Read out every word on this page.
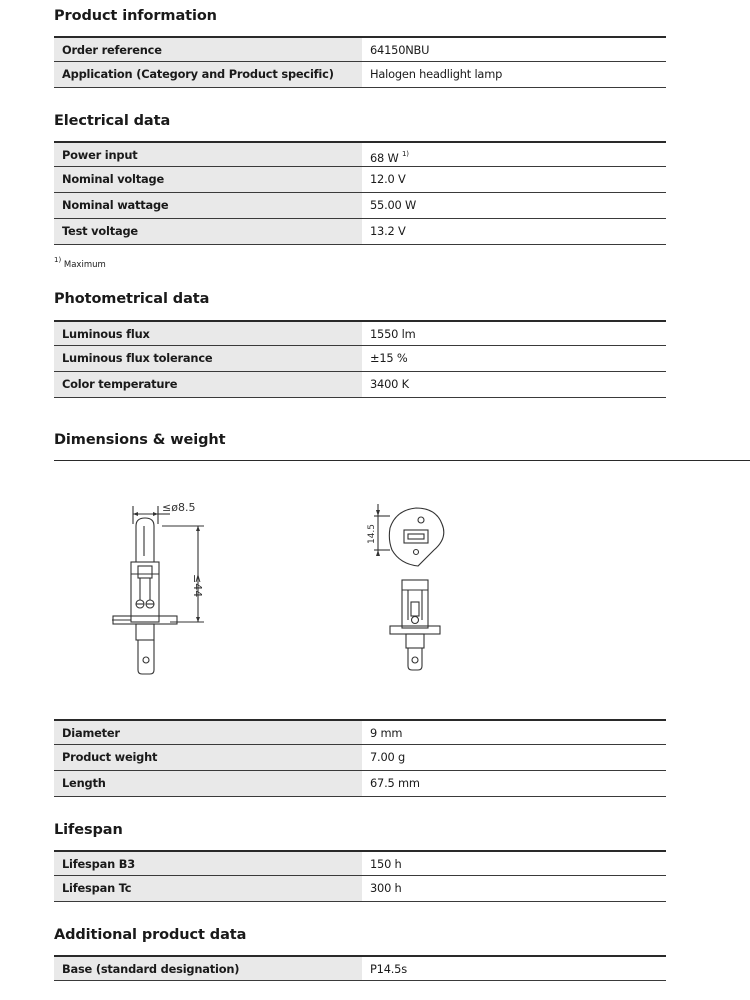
Product information
Order reference	64150NBU
Application (Category and Product specific)	Halogen headlight lamp
Electrical data
Power input	68 W $^{1)}$
Nominal voltage	12.0 V
Nominal wattage	55.00 W
Test voltage	13.2 V
$^{1)}$ Maximum
Photometrical data
Luminous flux	1550 lm
Luminous flux tolerance	±15 %
Color temperature	3400 K
Dimensions & weight
≤ø8.5
≤44
14.5
Diameter	9 mm
Product weight	7.00 g
Length	67.5 mm
Lifespan
Lifespan B3	150 h
Lifespan Tc	300 h
Additional product data
Base (standard designation)	P14.5s
